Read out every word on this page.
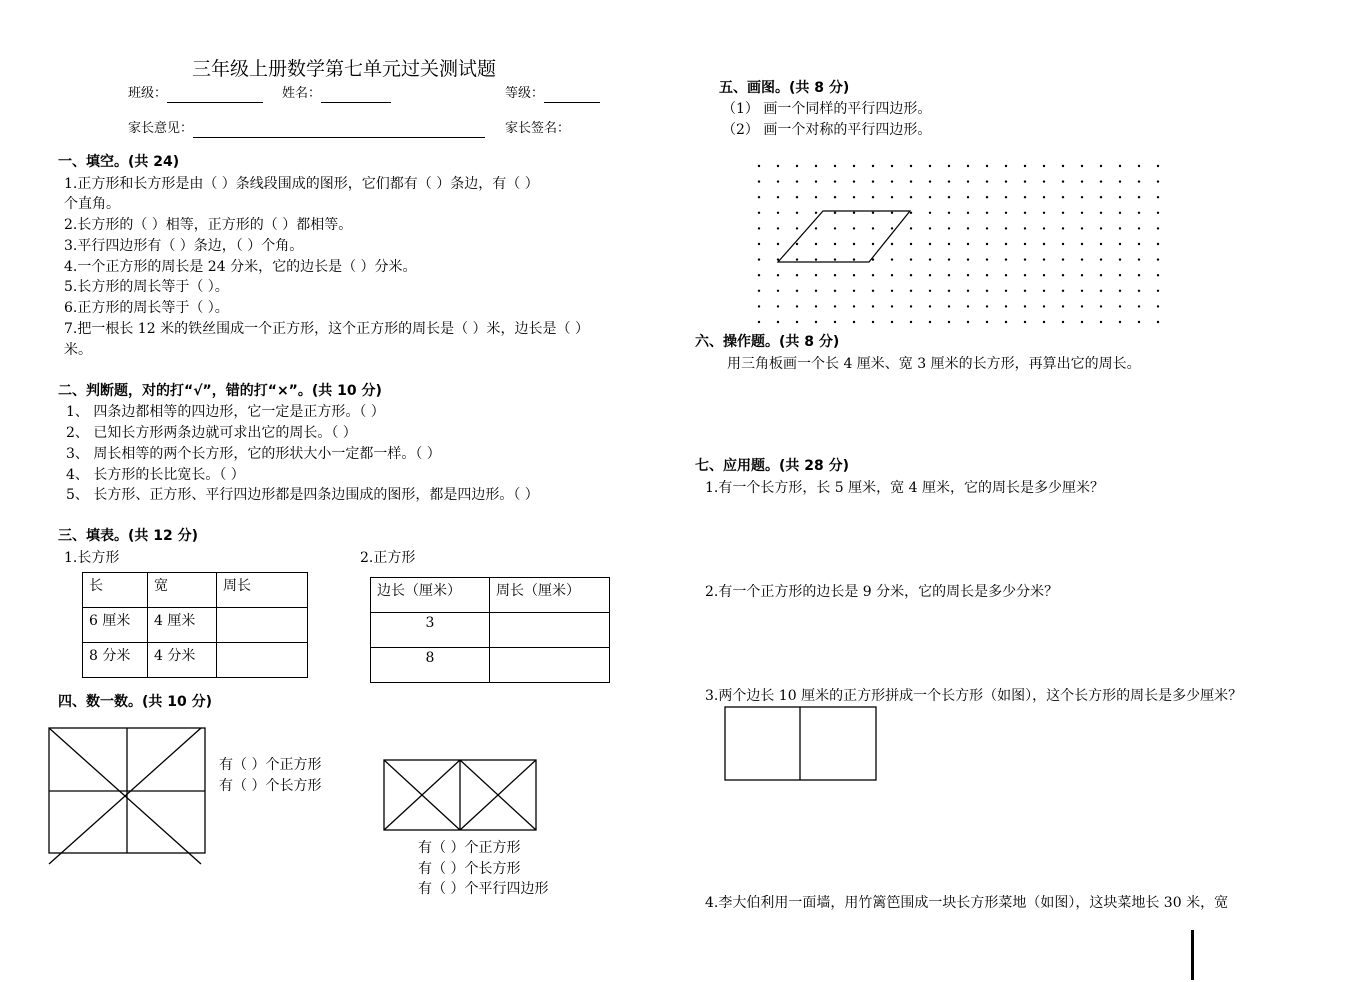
三年级上册数学第七单元过关测试题
班级：	姓名：	等级：
家长意见：	家长签名：
一、填空。(共 24)
1.正方形和长方形是由（ ）条线段围成的图形，它们都有（ ）条边，有（ ）
个直角。
2.长方形的（ ）相等，正方形的（ ）都相等。
3.平行四边形有（ ）条边，（ ）个角。
4.一个正方形的周长是 24 分米，它的边长是（ ）分米。
5.长方形的周长等于（ ）。
6.正方形的周长等于（ ）。
7.把一根长 12 米的铁丝围成一个正方形，这个正方形的周长是（ ）米，边长是（ ）
米。
二、判断题，对的打“√”，错的打“×”。(共 10 分)
1、 四条边都相等的四边形，它一定是正方形。（ ）
2、 已知长方形两条边就可求出它的周长。（ ）
3、 周长相等的两个长方形，它的形状大小一定都一样。（ ）
4、 长方形的长比宽长。（ ）
5、 长方形、正方形、平行四边形都是四条边围成的图形，都是四边形。（ ）
三、填表。(共 12 分)
1.长方形	2.正方形
长	宽	周长
6 厘米	4 厘米	
8 分米	4 分米	
边长（厘米）	周长（厘米）
3	
8	
四、数一数。(共 10 分)
有（ ）个正方形
有（ ）个长方形
有（ ）个正方形
有（ ）个长方形
有（ ）个平行四边形
五、画图。(共 8 分)
（1） 画一个同样的平行四边形。
（2） 画一个对称的平行四边形。
六、操作题。(共 8 分)
用三角板画一个长 4 厘米、宽 3 厘米的长方形，再算出它的周长。
七、应用题。(共 28 分)
1.有一个长方形，长 5 厘米，宽 4 厘米，它的周长是多少厘米？
2.有一个正方形的边长是 9 分米，它的周长是多少分米？
3.两个边长 10 厘米的正方形拼成一个长方形（如图），这个长方形的周长是多少厘米？
4.李大伯利用一面墙，用竹篱笆围成一块长方形菜地（如图），这块菜地长 30 米，宽
